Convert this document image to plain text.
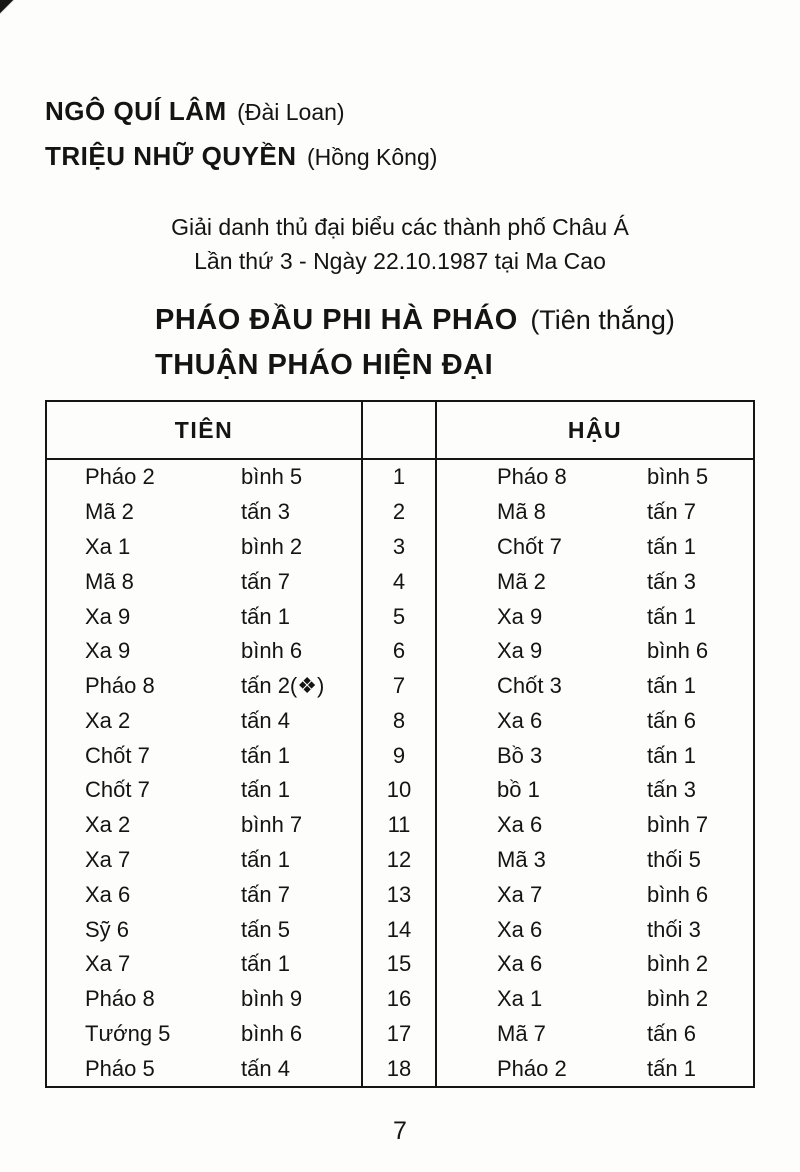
NGÔ QUÍ LÂM (Đài Loan)
TRIỆU NHỮ QUYỀN (Hồng Kông)
Giải danh thủ đại biểu các thành phố Châu Á
Lần thứ 3 - Ngày 22.10.1987 tại Ma Cao
PHÁO ĐẦU PHI HÀ PHÁO (Tiên thắng)
THUẬN PHÁO HIỆN ĐẠI
TIÊN	HẬU
Pháo 2	bình 5	1	Pháo 8	bình 5
Mã 2	tấn 3	2	Mã 8	tấn 7
Xa 1	bình 2	3	Chốt 7	tấn 1
Mã 8	tấn 7	4	Mã 2	tấn 3
Xa 9	tấn 1	5	Xa 9	tấn 1
Xa 9	bình 6	6	Xa 9	bình 6
Pháo 8	tấn 2(❖)	7	Chốt 3	tấn 1
Xa 2	tấn 4	8	Xa 6	tấn 6
Chốt 7	tấn 1	9	Bồ 3	tấn 1
Chốt 7	tấn 1	10	bồ 1	tấn 3
Xa 2	bình 7	11	Xa 6	bình 7
Xa 7	tấn 1	12	Mã 3	thối 5
Xa 6	tấn 7	13	Xa 7	bình 6
Sỹ 6	tấn 5	14	Xa 6	thối 3
Xa 7	tấn 1	15	Xa 6	bình 2
Pháo 8	bình 9	16	Xa 1	bình 2
Tướng 5	bình 6	17	Mã 7	tấn 6
Pháo 5	tấn 4	18	Pháo 2	tấn 1
7
